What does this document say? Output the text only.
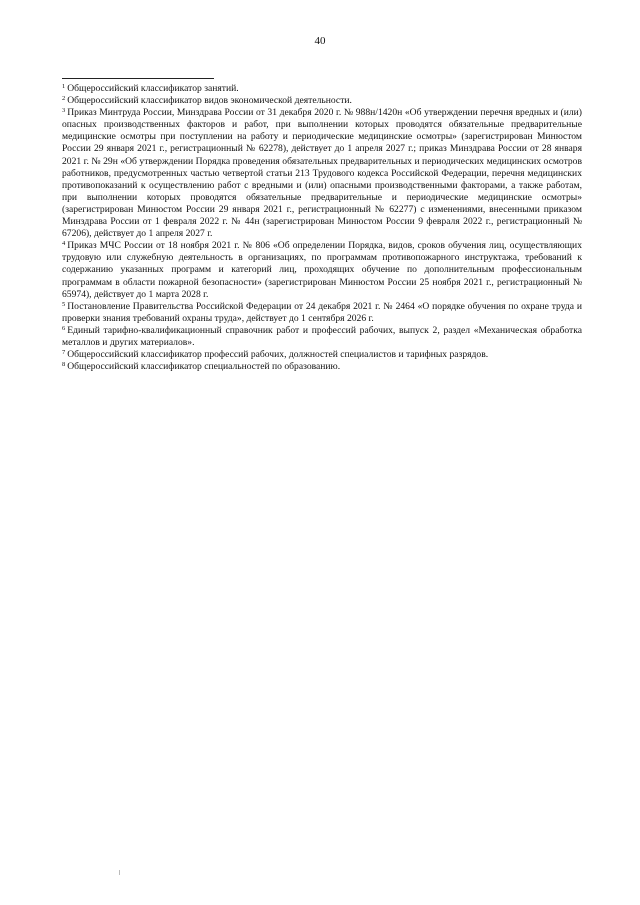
40

$^1$ Общероссийский классификатор занятий.

$^2$ Общероссийский классификатор видов экономической деятельности.

$^3$ Приказ Минтруда России, Минздрава России от 31 декабря 2020 г. № 988н/1420н «Об утверждении перечня вредных и (или) опасных производственных факторов и работ, при выполнении которых проводятся обязательные предварительные медицинские осмотры при поступлении на работу и периодические медицинские осмотры» (зарегистрирован Минюстом России 29 января 2021 г., регистрационный № 62278), действует до 1 апреля 2027 г.; приказ Минздрава России от 28 января 2021 г. № 29н «Об утверждении Порядка проведения обязательных предварительных и периодических медицинских осмотров работников, предусмотренных частью четвертой статьи 213 Трудового кодекса Российской Федерации, перечня медицинских противопоказаний к осуществлению работ с вредными и (или) опасными производственными факторами, а также работам, при выполнении которых проводятся обязательные предварительные и периодические медицинские осмотры» (зарегистрирован Минюстом России 29 января 2021 г., регистрационный № 62277) с изменениями, внесенными приказом Минздрава России от 1 февраля 2022 г. № 44н (зарегистрирован Минюстом России 9 февраля 2022 г., регистрационный № 67206), действует до 1 апреля 2027 г.

$^4$ Приказ МЧС России от 18 ноября 2021 г. № 806 «Об определении Порядка, видов, сроков обучения лиц, осуществляющих трудовую или служебную деятельность в организациях, по программам противопожарного инструктажа, требований к содержанию указанных программ и категорий лиц, проходящих обучение по дополнительным профессиональным программам в области пожарной безопасности» (зарегистрирован Минюстом России 25 ноября 2021 г., регистрационный № 65974), действует до 1 марта 2028 г.

$^5$ Постановление Правительства Российской Федерации от 24 декабря 2021 г. № 2464 «О порядке обучения по охране труда и проверки знания требований охраны труда», действует до 1 сентября 2026 г.

$^6$ Единый тарифно-квалификационный справочник работ и профессий рабочих, выпуск 2, раздел «Механическая обработка металлов и других материалов».

$^7$ Общероссийский классификатор профессий рабочих, должностей специалистов и тарифных разрядов.

$^8$ Общероссийский классификатор специальностей по образованию.
